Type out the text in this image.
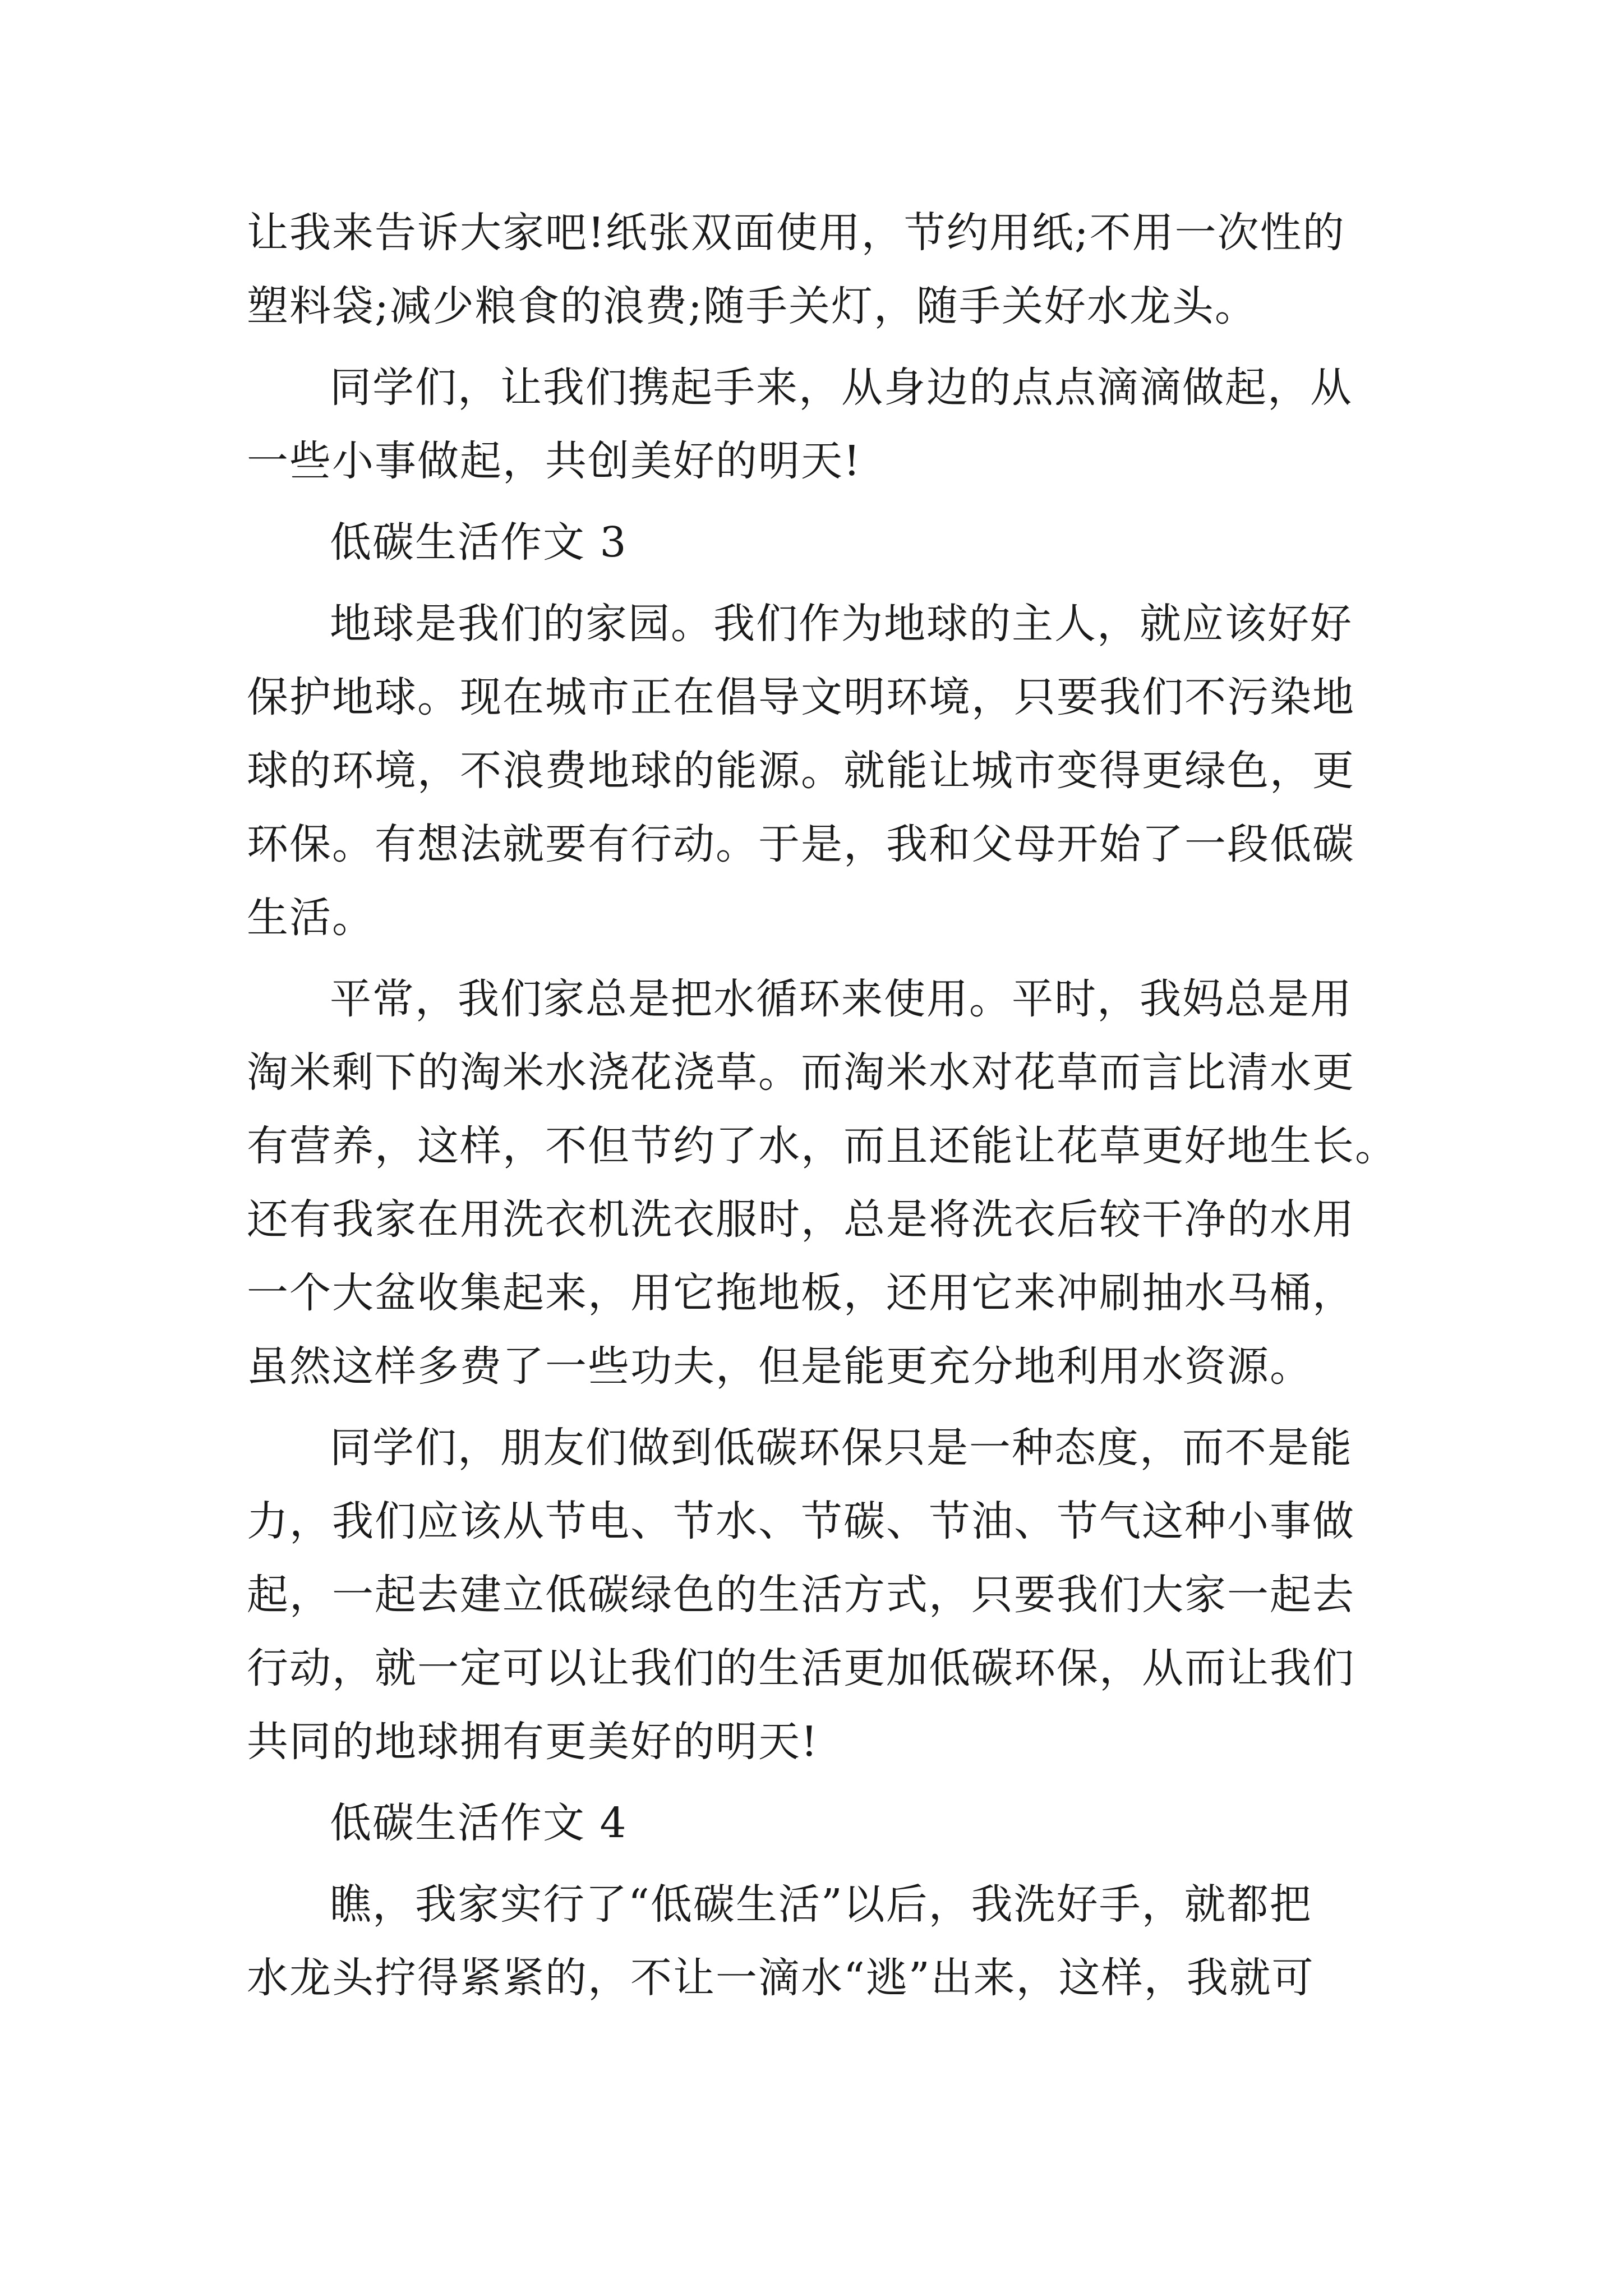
让我来告诉大家吧!纸张双面使用，节约用纸;不用一次性的
塑料袋;减少粮食的浪费;随手关灯，随手关好水龙头。
同学们，让我们携起手来，从身边的点点滴滴做起，从
一些小事做起，共创美好的明天!
低碳生活作文 3
地球是我们的家园。我们作为地球的主人，就应该好好
保护地球。现在城市正在倡导文明环境，只要我们不污染地
球的环境，不浪费地球的能源。就能让城市变得更绿色，更
环保。有想法就要有行动。于是，我和父母开始了一段低碳
生活。
平常，我们家总是把水循环来使用。平时，我妈总是用
淘米剩下的淘米水浇花浇草。而淘米水对花草而言比清水更
有营养，这样，不但节约了水，而且还能让花草更好地生长。
还有我家在用洗衣机洗衣服时，总是将洗衣后较干净的水用
一个大盆收集起来，用它拖地板，还用它来冲刷抽水马桶，
虽然这样多费了一些功夫，但是能更充分地利用水资源。
同学们，朋友们做到低碳环保只是一种态度，而不是能
力，我们应该从节电、节水、节碳、节油、节气这种小事做
起，一起去建立低碳绿色的生活方式，只要我们大家一起去
行动，就一定可以让我们的生活更加低碳环保，从而让我们
共同的地球拥有更美好的明天!
低碳生活作文 4
瞧，我家实行了“低碳生活”以后，我洗好手，就都把
水龙头拧得紧紧的，不让一滴水“逃”出来，这样，我就可
